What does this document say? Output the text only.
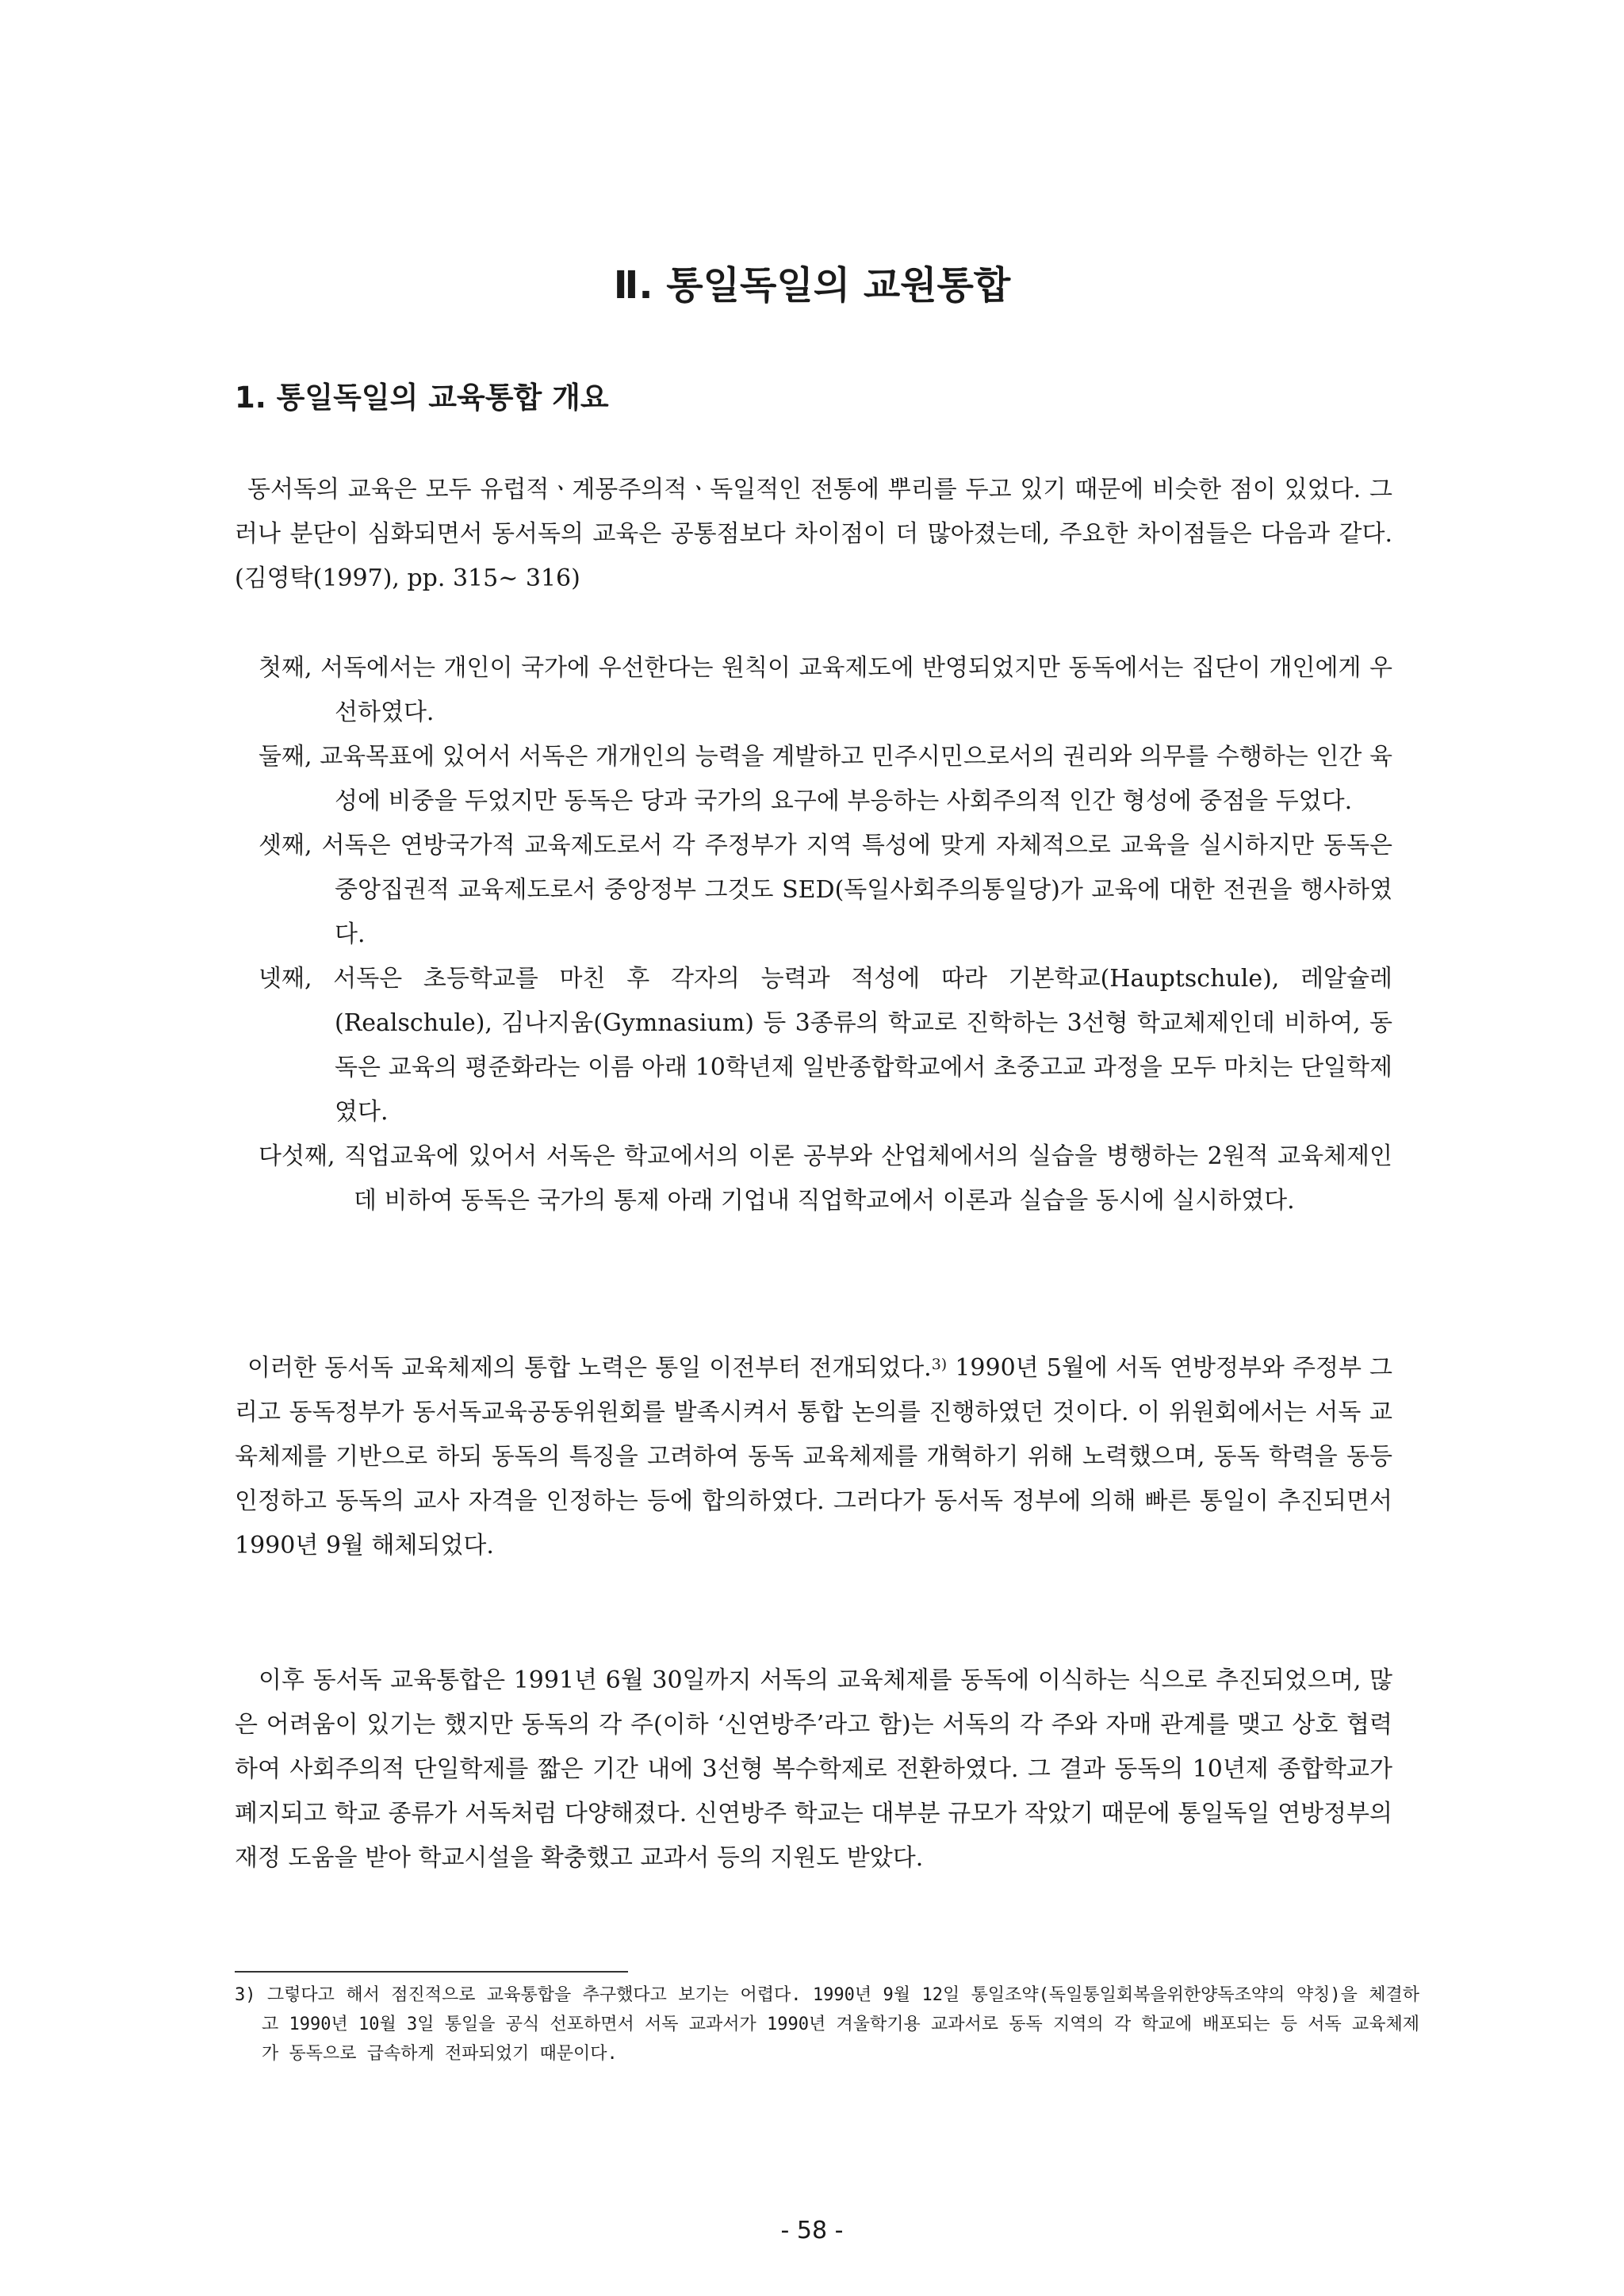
Ⅱ. 통일독일의 교원통합
1. 통일독일의 교육통합 개요

동서독의 교육은 모두 유럽적ㆍ계몽주의적ㆍ독일적인 전통에 뿌리를 두고 있기 때문에 비슷한 점이 있었다. 그러나 분단이 심화되면서 동서독의 교육은 공통점보다 차이점이 더 많아졌는데, 주요한 차이점들은 다음과 같다.(김영탁(1997), pp. 315~ 316)

첫째, 서독에서는 개인이 국가에 우선한다는 원칙이 교육제도에 반영되었지만 동독에서는 집단이 개인에게 우선하였다.
둘째, 교육목표에 있어서 서독은 개개인의 능력을 계발하고 민주시민으로서의 권리와 의무를 수행하는 인간 육성에 비중을 두었지만 동독은 당과 국가의 요구에 부응하는 사회주의적 인간 형성에 중점을 두었다.
셋째, 서독은 연방국가적 교육제도로서 각 주정부가 지역 특성에 맞게 자체적으로 교육을 실시하지만 동독은 중앙집권적 교육제도로서 중앙정부 그것도 SED(독일사회주의통일당)가 교육에 대한 전권을 행사하였다.
넷째, 서독은 초등학교를 마친 후 각자의 능력과 적성에 따라 기본학교(Hauptschule), 레알슐레(Realschule), 김나지움(Gymnasium) 등 3종류의 학교로 진학하는 3선형 학교체제인데 비하여, 동독은 교육의 평준화라는 이름 아래 10학년제 일반종합학교에서 초중고교 과정을 모두 마치는 단일학제였다.
다섯째, 직업교육에 있어서 서독은 학교에서의 이론 공부와 산업체에서의 실습을 병행하는 2원적 교육체제인데 비하여 동독은 국가의 통제 아래 기업내 직업학교에서 이론과 실습을 동시에 실시하였다.

이러한 동서독 교육체제의 통합 노력은 통일 이전부터 전개되었다.$^{3)}$ 1990년 5월에 서독 연방정부와 주정부 그리고 동독정부가 동서독교육공동위원회를 발족시켜서 통합 논의를 진행하였던 것이다. 이 위원회에서는 서독 교육체제를 기반으로 하되 동독의 특징을 고려하여 동독 교육체제를 개혁하기 위해 노력했으며, 동독 학력을 동등 인정하고 동독의 교사 자격을 인정하는 등에 합의하였다. 그러다가 동서독 정부에 의해 빠른 통일이 추진되면서 1990년 9월 해체되었다.

이후 동서독 교육통합은 1991년 6월 30일까지 서독의 교육체제를 동독에 이식하는 식으로 추진되었으며, 많은 어려움이 있기는 했지만 동독의 각 주(이하 ‘신연방주’라고 함)는 서독의 각 주와 자매 관계를 맺고 상호 협력하여 사회주의적 단일학제를 짧은 기간 내에 3선형 복수학제로 전환하였다. 그 결과 동독의 10년제 종합학교가 폐지되고 학교 종류가 서독처럼 다양해졌다. 신연방주 학교는 대부분 규모가 작았기 때문에 통일독일 연방정부의 재정 도움을 받아 학교시설을 확충했고 교과서 등의 지원도 받았다.

3) 그렇다고 해서 점진적으로 교육통합을 추구했다고 보기는 어렵다. 1990년 9월 12일 통일조약(독일통일회복을위한양독조약의 약칭)을 체결하고 1990년 10월 3일 통일을 공식 선포하면서 서독 교과서가 1990년 겨울학기용 교과서로 동독 지역의 각 학교에 배포되는 등 서독 교육체제가 동독으로 급속하게 전파되었기 때문이다.

- 58 -
